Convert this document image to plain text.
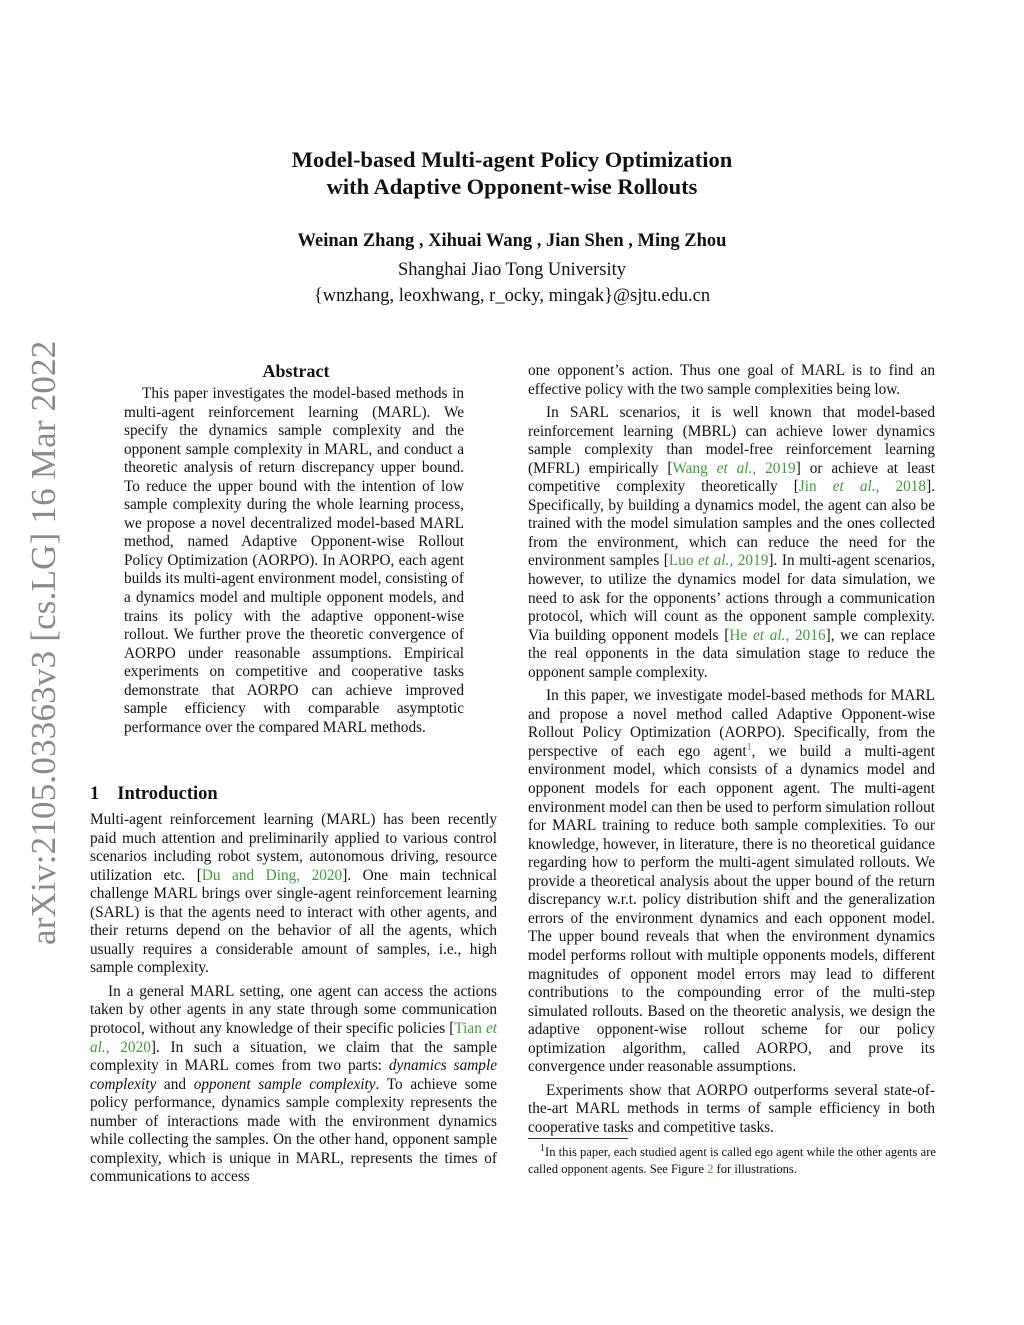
arXiv:2105.03363v3 [cs.LG] 16 Mar 2022
Model-based Multi-agent Policy Optimization
with Adaptive Opponent-wise Rollouts
Weinan Zhang , Xihuai Wang , Jian Shen , Ming Zhou
Shanghai Jiao Tong University
{wnzhang, leoxhwang, r_ocky, mingak}@sjtu.edu.cn
Abstract

This paper investigates the model-based methods in multi-agent reinforcement learning (MARL). We specify the dynamics sample complexity and the opponent sample complexity in MARL, and conduct a theoretic analysis of return discrepancy upper bound. To reduce the upper bound with the intention of low sample complexity during the whole learning process, we propose a novel decentralized model-based MARL method, named Adaptive Opponent-wise Rollout Policy Optimization (AORPO). In AORPO, each agent builds its multi-agent environment model, consisting of a dynamics model and multiple opponent models, and trains its policy with the adaptive opponent-wise rollout. We further prove the theoretic convergence of AORPO under reasonable assumptions. Empirical experiments on competitive and cooperative tasks demonstrate that AORPO can achieve improved sample efficiency with comparable asymptotic performance over the compared MARL methods.

1 Introduction

Multi-agent reinforcement learning (MARL) has been recently paid much attention and preliminarily applied to various control scenarios including robot system, autonomous driving, resource utilization etc. [Du and Ding, 2020]. One main technical challenge MARL brings over single-agent reinforcement learning (SARL) is that the agents need to interact with other agents, and their returns depend on the behavior of all the agents, which usually requires a considerable amount of samples, i.e., high sample complexity.

In a general MARL setting, one agent can access the actions taken by other agents in any state through some communication protocol, without any knowledge of their specific policies [Tian et al., 2020]. In such a situation, we claim that the sample complexity in MARL comes from two parts: dynamics sample complexity and opponent sample complexity. To achieve some policy performance, dynamics sample complexity represents the number of interactions made with the environment dynamics while collecting the samples. On the other hand, opponent sample complexity, which is unique in MARL, represents the times of communications to access

one opponent’s action. Thus one goal of MARL is to find an effective policy with the two sample complexities being low.

In SARL scenarios, it is well known that model-based reinforcement learning (MBRL) can achieve lower dynamics sample complexity than model-free reinforcement learning (MFRL) empirically [Wang et al., 2019] or achieve at least competitive complexity theoretically [Jin et al., 2018]. Specifically, by building a dynamics model, the agent can also be trained with the model simulation samples and the ones collected from the environment, which can reduce the need for the environment samples [Luo et al., 2019]. In multi-agent scenarios, however, to utilize the dynamics model for data simulation, we need to ask for the opponents’ actions through a communication protocol, which will count as the opponent sample complexity. Via building opponent models [He et al., 2016], we can replace the real opponents in the data simulation stage to reduce the opponent sample complexity.

In this paper, we investigate model-based methods for MARL and propose a novel method called Adaptive Opponent-wise Rollout Policy Optimization (AORPO). Specifically, from the perspective of each ego agent$^1$, we build a multi-agent environment model, which consists of a dynamics model and opponent models for each opponent agent. The multi-agent environment model can then be used to perform simulation rollout for MARL training to reduce both sample complexities. To our knowledge, however, in literature, there is no theoretical guidance regarding how to perform the multi-agent simulated rollouts. We provide a theoretical analysis about the upper bound of the return discrepancy w.r.t. policy distribution shift and the generalization errors of the environment dynamics and each opponent model. The upper bound reveals that when the environment dynamics model performs rollout with multiple opponents models, different magnitudes of opponent model errors may lead to different contributions to the compounding error of the multi-step simulated rollouts. Based on the theoretic analysis, we design the adaptive opponent-wise rollout scheme for our policy optimization algorithm, called AORPO, and prove its convergence under reasonable assumptions.

Experiments show that AORPO outperforms several state-of-the-art MARL methods in terms of sample efficiency in both cooperative tasks and competitive tasks.

$^1$In this paper, each studied agent is called ego agent while the other agents are called opponent agents. See Figure 2 for illustrations.
